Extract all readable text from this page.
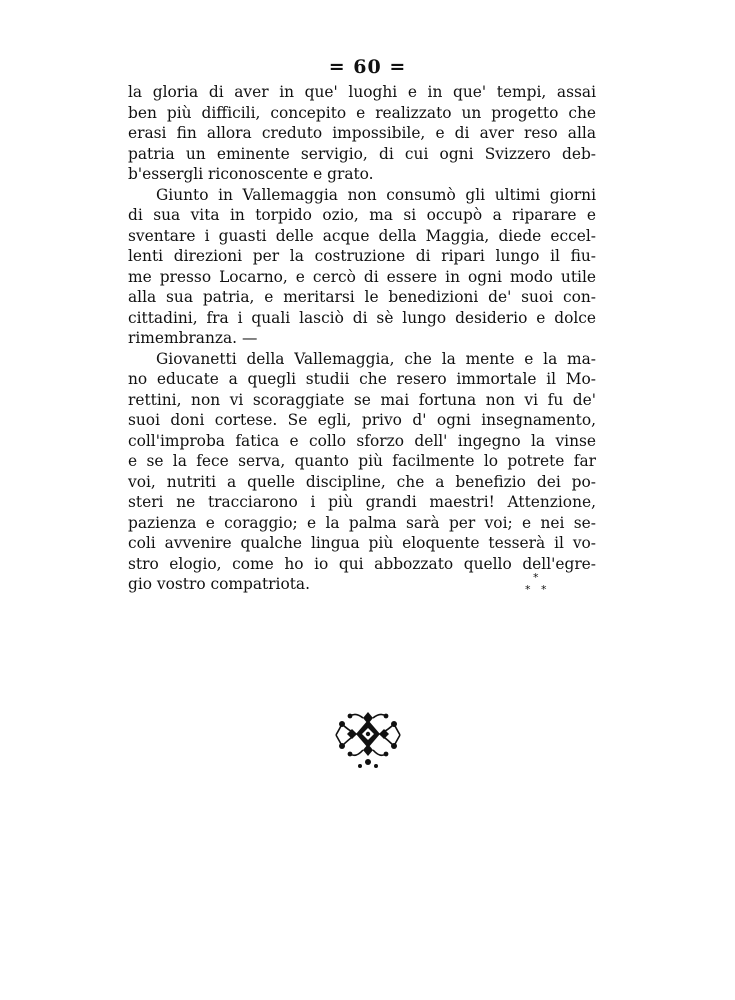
= 60 =
la gloria di aver in que' luoghi e in que' tempi, assai
ben più difficili, concepito e realizzato un progetto che
erasi fin allora creduto impossibile, e di aver reso alla
patria un eminente servigio, di cui ogni Svizzero deb-
b'essergli riconoscente e grato.
Giunto in Vallemaggia non consumò gli ultimi giorni
di sua vita in torpido ozio, ma si occupò a riparare e
sventare i guasti delle acque della Maggia, diede eccel-
lenti direzioni per la costruzione di ripari lungo il fiu-
me presso Locarno, e cercò di essere in ogni modo utile
alla sua patria, e meritarsi le benedizioni de' suoi con-
cittadini, fra i quali lasciò di sè lungo desiderio e dolce
rimembranza. —
Giovanetti della Vallemaggia, che la mente e la ma-
no educate a quegli studii che resero immortale il Mo-
rettini, non vi scoraggiate se mai fortuna non vi fu de'
suoi doni cortese. Se egli, privo d' ogni insegnamento,
coll'improba fatica e collo sforzo dell' ingegno la vinse
e se la fece serva, quanto più facilmente lo potrete far
voi, nutriti a quelle discipline, che a benefizio dei po-
steri ne tracciarono i più grandi maestri! Attenzione,
pazienza e coraggio; e la palma sarà per voi; e nei se-
coli avvenire qualche lingua più eloquente tesserà il vo-
stro elogio, come ho io qui abbozzato quello dell'egre-
gio vostro compatriota.	*
* *
